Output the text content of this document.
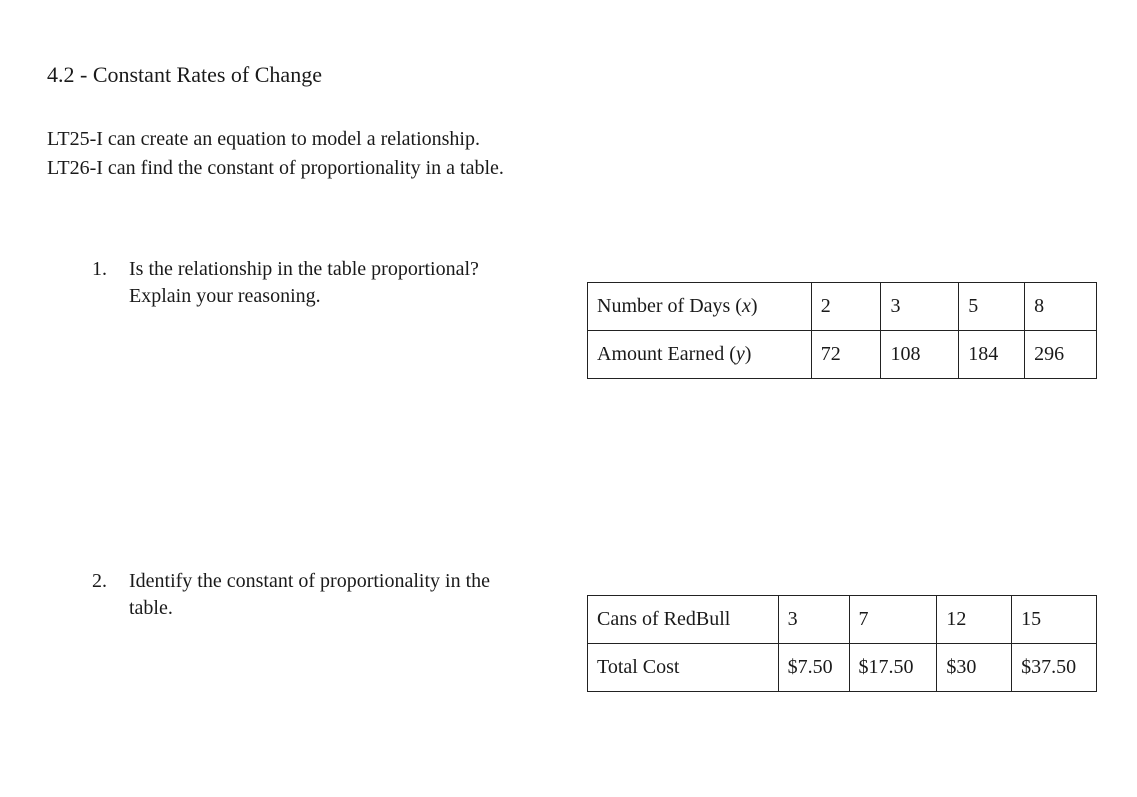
4.2 - Constant Rates of Change
LT25-I can create an equation to model a relationship.
LT26-I can find the constant of proportionality in a table.
1. Is the relationship in the table proportional? Explain your reasoning.	Number of Days (x)	2	3	5	8
Amount Earned (y)	72	108	184	296
2. Identify the constant of proportionality in the table.	Cans of RedBull	3	7	12	15
Total Cost	$7.50	$17.50	$30	$37.50
